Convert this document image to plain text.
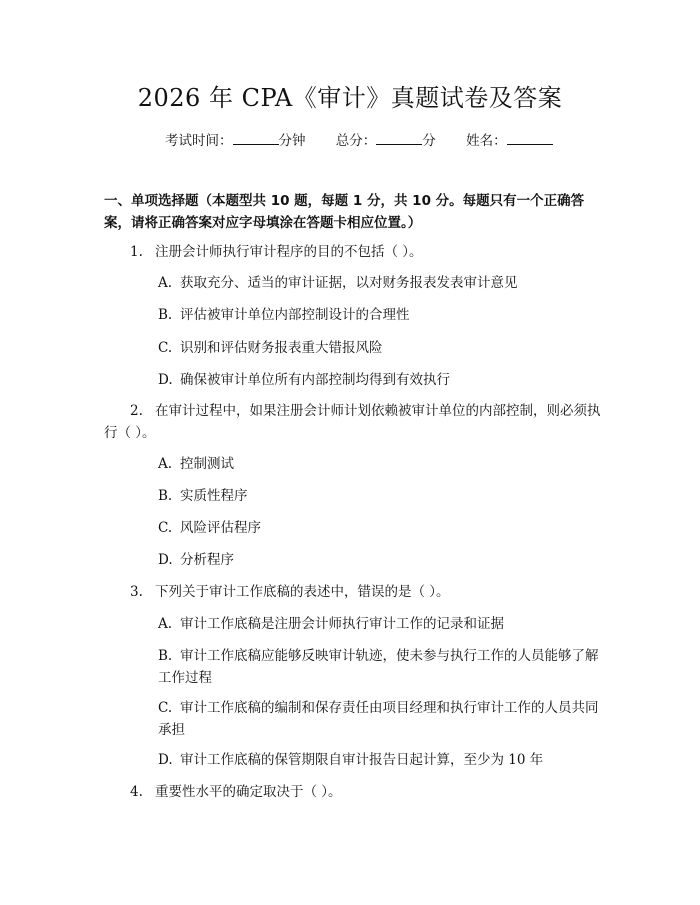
2026 年 CPA《审计》真题试卷及答案
考试时间：	分钟 总分：	分 姓名：
一、单项选择题（本题型共 10 题，每题 1 分，共 10 分。每题只有一个正确答案，请将正确答案对应字母填涂在答题卡相应位置。）
1. 注册会计师执行审计程序的目的不包括（ ）。
A. 获取充分、适当的审计证据，以对财务报表发表审计意见
B. 评估被审计单位内部控制设计的合理性
C. 识别和评估财务报表重大错报风险
D. 确保被审计单位所有内部控制均得到有效执行
2. 在审计过程中，如果注册会计师计划依赖被审计单位的内部控制，则必须执行（ ）。
A. 控制测试
B. 实质性程序
C. 风险评估程序
D. 分析程序
3. 下列关于审计工作底稿的表述中，错误的是（ ）。
A. 审计工作底稿是注册会计师执行审计工作的记录和证据
B. 审计工作底稿应能够反映审计轨迹，使未参与执行工作的人员能够了解工作过程
C. 审计工作底稿的编制和保存责任由项目经理和执行审计工作的人员共同承担
D. 审计工作底稿的保管期限自审计报告日起计算，至少为 10 年
4. 重要性水平的确定取决于（ ）。
